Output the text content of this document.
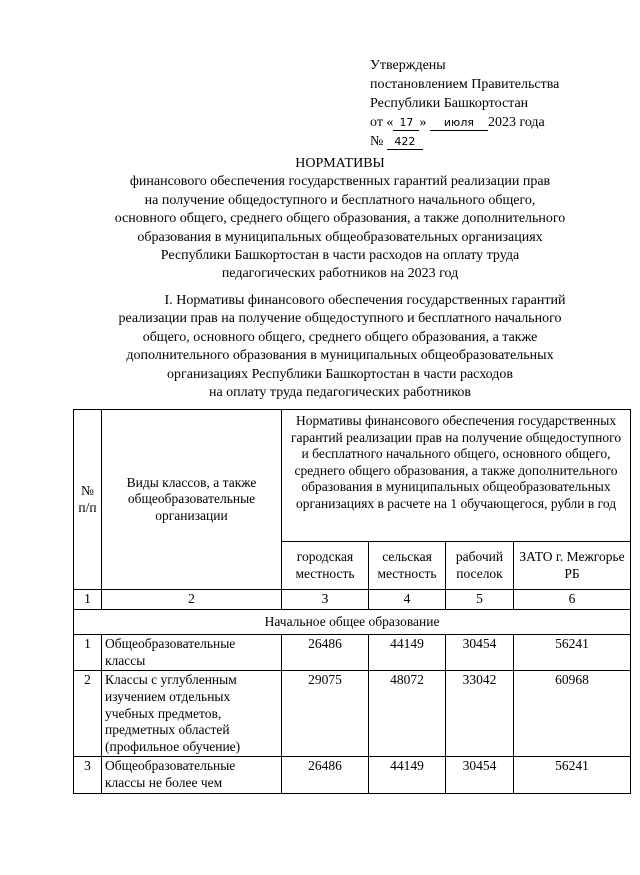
Утверждены
постановлением Правительства
Республики Башкортостан
от « 17 » июля 2023 года
№ 422
НОРМАТИВЫ
финансового обеспечения государственных гарантий реализации прав
на получение общедоступного и бесплатного начального общего,
основного общего, среднего общего образования, а также дополнительного
образования в муниципальных общеобразовательных организациях
Республики Башкортостан в части расходов на оплату труда
педагогических работников на 2023 год
I. Нормативы финансового обеспечения государственных гарантий
реализации прав на получение общедоступного и бесплатного начального
общего, основного общего, среднего общего образования, а также
дополнительного образования в муниципальных общеобразовательных
организациях Республики Башкортостан в части расходов
на оплату труда педагогических работников
№ п/п	Виды классов, а также общеобразовательные организации	Нормативы финансового обеспечения государственных гарантий реализации прав на получение общедоступного и бесплатного начального общего, основного общего, среднего общего образования, а также дополнительного образования в муниципальных общеобразовательных организациях в расчете на 1 обучающегося, рубли в год			
		городская местность	сельская местность	рабочий поселок	ЗАТО г. Межгорье РБ
1	2	3	4	5	6
Начальное общее образование					
1	Общеобразовательные классы	26486	44149	30454	56241
2	Классы с углубленным изучением отдельных учебных предметов, предметных областей (профильное обучение)	29075	48072	33042	60968
3	Общеобразовательные классы не более чем	26486	44149	30454	56241
